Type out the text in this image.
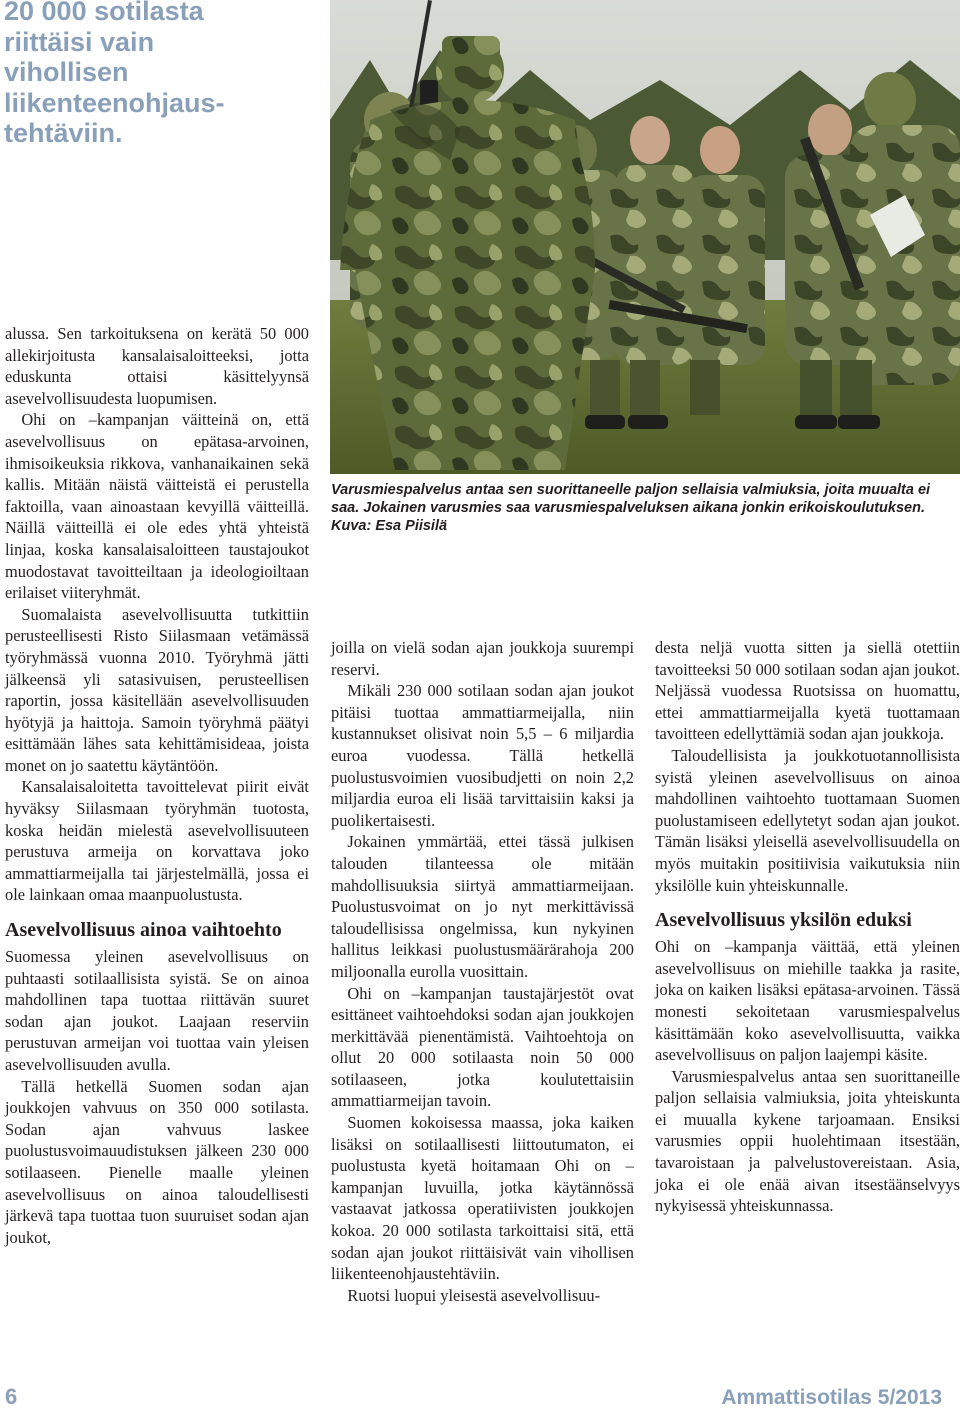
20 000 sotilasta

riittäisi vain

vihollisen

liikenteenohjaus-

tehtäviin.

Varusmiespalvelus antaa sen suorittaneelle paljon sellaisia valmiuksia, joita muualta ei

saa. Jokainen varusmies saa varusmiespalveluksen aikana jonkin erikoiskoulutuksen.

Kuva: Esa Piisilä

alussa. Sen tarkoituksena on kerätä 50 000 allekirjoitusta kansalaisaloitteeksi, jotta eduskunta ottaisi käsittelyynsä asevelvollisuudesta luopumisen.

Ohi on –kampanjan väitteinä on, että asevelvollisuus on epätasa-arvoinen, ihmisoikeuksia rikkova, vanhanaikainen sekä kallis. Mitään näistä väitteistä ei perustella faktoilla, vaan ainoastaan kevyillä väitteillä. Näillä väitteillä ei ole edes yhtä yhteistä linjaa, koska kansalaisaloitteen taustajoukot muodostavat tavoitteiltaan ja ideologioiltaan erilaiset viiteryhmät.

Suomalaista asevelvollisuutta tutkittiin perusteellisesti Risto Siilasmaan vetämässä työryhmässä vuonna 2010. Työryhmä jätti jälkeensä yli satasivuisen, perusteellisen raportin, jossa käsitellään asevelvollisuuden hyötyjä ja haittoja. Samoin työryhmä päätyi esittämään lähes sata kehittämisideaa, joista monet on jo saatettu käytäntöön.

Kansalaisaloitetta tavoittelevat piirit eivät hyväksy Siilasmaan työryhmän tuotosta, koska heidän mielestä asevelvollisuuteen perustuva armeija on korvattava joko ammattiarmeijalla tai järjestelmällä, jossa ei ole lainkaan omaa maanpuolustusta.

Asevelvollisuus ainoa vaihtoehto

Suomessa yleinen asevelvollisuus on puhtaasti sotilaallisista syistä. Se on ainoa mahdollinen tapa tuottaa riittävän suuret sodan ajan joukot. Laajaan reserviin perustuvan armeijan voi tuottaa vain yleisen asevelvollisuuden avulla.

Tällä hetkellä Suomen sodan ajan joukkojen vahvuus on 350 000 sotilasta. Sodan ajan vahvuus laskee puolustusvoimauudistuksen jälkeen 230 000 sotilaaseen. Pienelle maalle yleinen asevelvollisuus on ainoa taloudellisesti järkevä tapa tuottaa tuon suuruiset sodan ajan joukot,

joilla on vielä sodan ajan joukkoja suurempi reservi.

Mikäli 230 000 sotilaan sodan ajan joukot pitäisi tuottaa ammattiarmeijalla, niin kustannukset olisivat noin 5,5 – 6 miljardia euroa vuodessa. Tällä hetkellä puolustusvoimien vuosibudjetti on noin 2,2 miljardia euroa eli lisää tarvittaisiin kaksi ja puolikertaisesti.

Jokainen ymmärtää, ettei tässä julkisen talouden tilanteessa ole mitään mahdollisuuksia siirtyä ammattiarmeijaan. Puolustusvoimat on jo nyt merkittävissä taloudellisissa ongelmissa, kun nykyinen hallitus leikkasi puolustusmäärärahoja 200 miljoonalla eurolla vuosittain.

Ohi on –kampanjan taustajärjestöt ovat esittäneet vaihtoehdoksi sodan ajan joukkojen merkittävää pienentämistä. Vaihtoehtoja on ollut 20 000 sotilaasta noin 50 000 sotilaaseen, jotka koulutettaisiin ammattiarmeijan tavoin.

Suomen kokoisessa maassa, joka kaiken lisäksi on sotilaallisesti liittoutumaton, ei puolustusta kyetä hoitamaan Ohi on –kampanjan luvuilla, jotka käytännössä vastaavat jatkossa operatiivisten joukkojen kokoa. 20 000 sotilasta tarkoittaisi sitä, että sodan ajan joukot riittäisivät vain vihollisen liikenteenohjaustehtäviin.

Ruotsi luopui yleisestä asevelvollisuu-

desta neljä vuotta sitten ja siellä otettiin tavoitteeksi 50 000 sotilaan sodan ajan joukot. Neljässä vuodessa Ruotsissa on huomattu, ettei ammattiarmeijalla kyetä tuottamaan tavoitteen edellyttämiä sodan ajan joukkoja.

Taloudellisista ja joukkotuotannollisista syistä yleinen asevelvollisuus on ainoa mahdollinen vaihtoehto tuottamaan Suomen puolustamiseen edellytetyt sodan ajan joukot. Tämän lisäksi yleisellä asevelvollisuudella on myös muitakin positiivisia vaikutuksia niin yksilölle kuin yhteiskunnalle.

Asevelvollisuus yksilön eduksi

Ohi on –kampanja väittää, että yleinen asevelvollisuus on miehille taakka ja rasite, joka on kaiken lisäksi epätasa-arvoinen. Tässä monesti sekoitetaan varusmiespalvelus käsittämään koko asevelvollisuutta, vaikka asevelvollisuus on paljon laajempi käsite.

Varusmiespalvelus antaa sen suorittaneille paljon sellaisia valmiuksia, joita yhteiskunta ei muualla kykene tarjoamaan. Ensiksi varusmies oppii huolehtimaan itsestään, tavaroistaan ja palvelustovereistaan. Asia, joka ei ole enää aivan itsestäänselvyys nykyisessä yhteiskunnassa.

6	Ammattisotilas 5/2013
